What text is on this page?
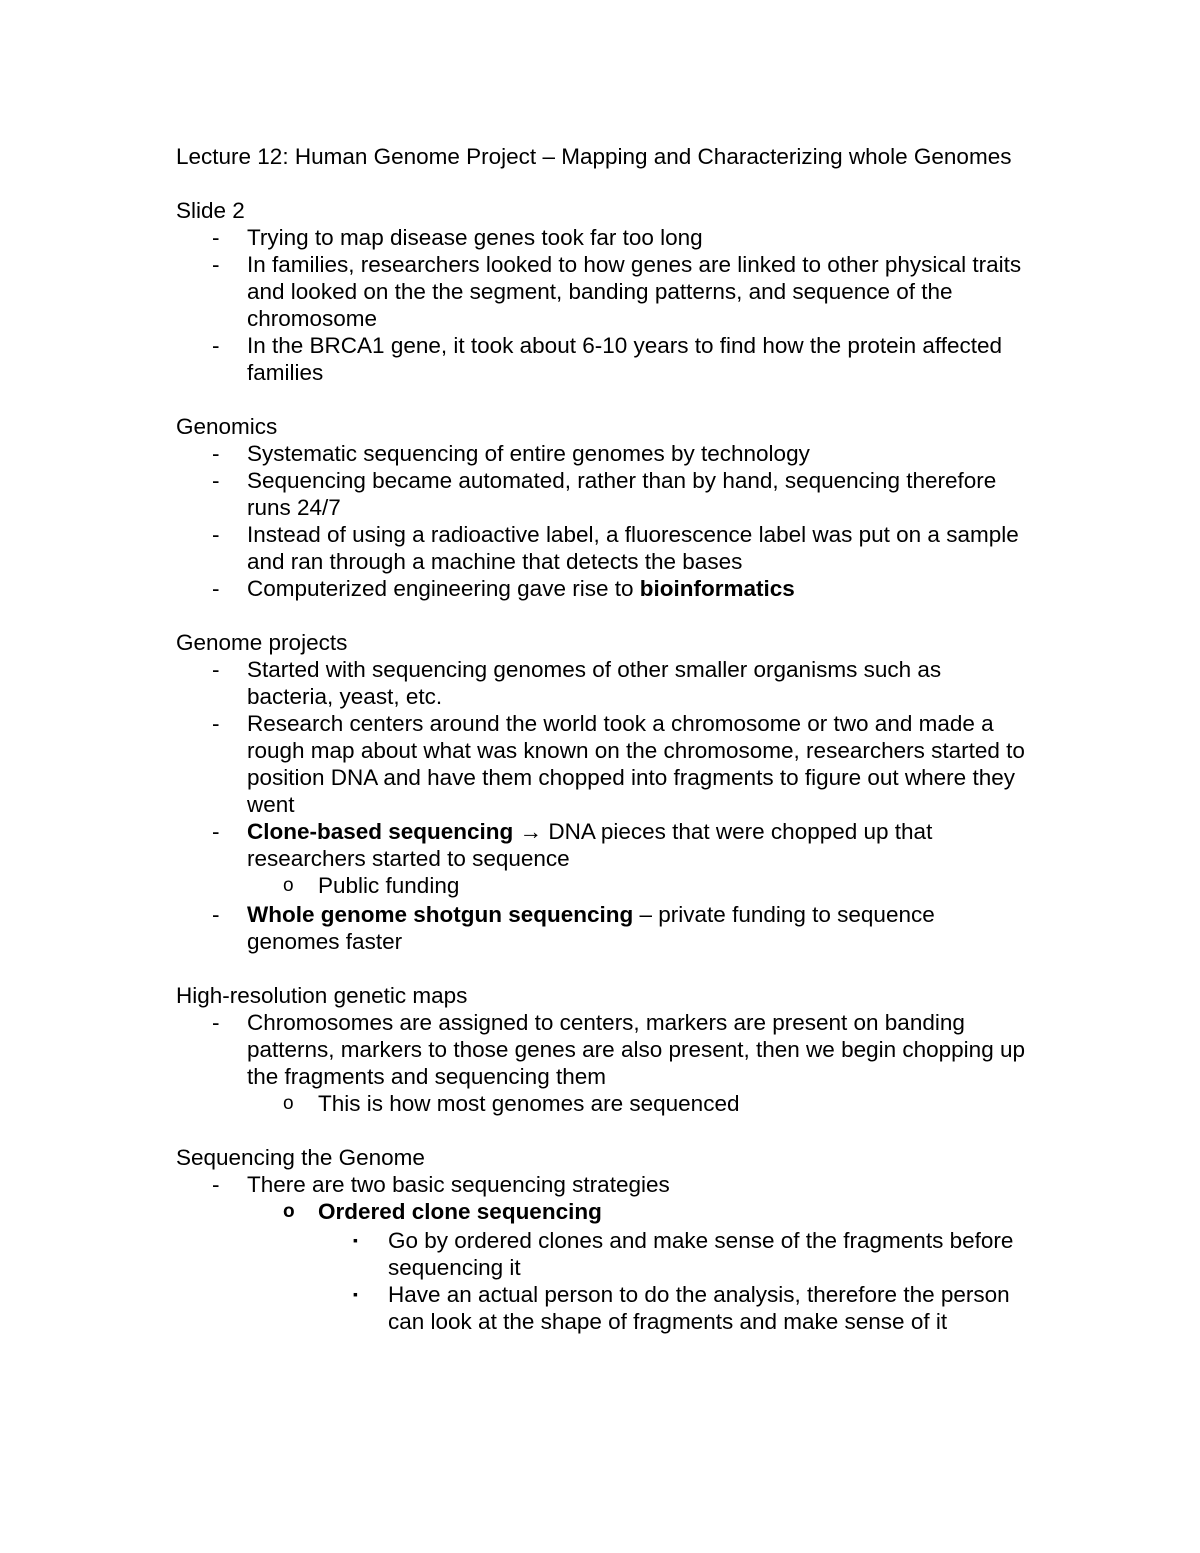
Lecture 12: Human Genome Project – Mapping and Characterizing whole Genomes

Slide 2

- Trying to map disease genes took far too long
- In families, researchers looked to how genes are linked to other physical traits and looked on the the segment, banding patterns, and sequence of the chromosome
- In the BRCA1 gene, it took about 6-10 years to find how the protein affected families

Genomics

- Systematic sequencing of entire genomes by technology
- Sequencing became automated, rather than by hand, sequencing therefore runs 24/7
- Instead of using a radioactive label, a fluorescence label was put on a sample and ran through a machine that detects the bases
- Computerized engineering gave rise to bioinformatics

Genome projects

- Started with sequencing genomes of other smaller organisms such as bacteria, yeast, etc.
- Research centers around the world took a chromosome or two and made a rough map about what was known on the chromosome, researchers started to position DNA and have them chopped into fragments to figure out where they went
- Clone-based sequencing → DNA pieces that were chopped up that researchers started to sequence
o Public funding
- Whole genome shotgun sequencing – private funding to sequence genomes faster

High-resolution genetic maps

- Chromosomes are assigned to centers, markers are present on banding patterns, markers to those genes are also present, then we begin chopping up the fragments and sequencing them
o This is how most genomes are sequenced

Sequencing the Genome

- There are two basic sequencing strategies
o Ordered clone sequencing
▪ Go by ordered clones and make sense of the fragments before sequencing it
▪ Have an actual person to do the analysis, therefore the person can look at the shape of fragments and make sense of it
